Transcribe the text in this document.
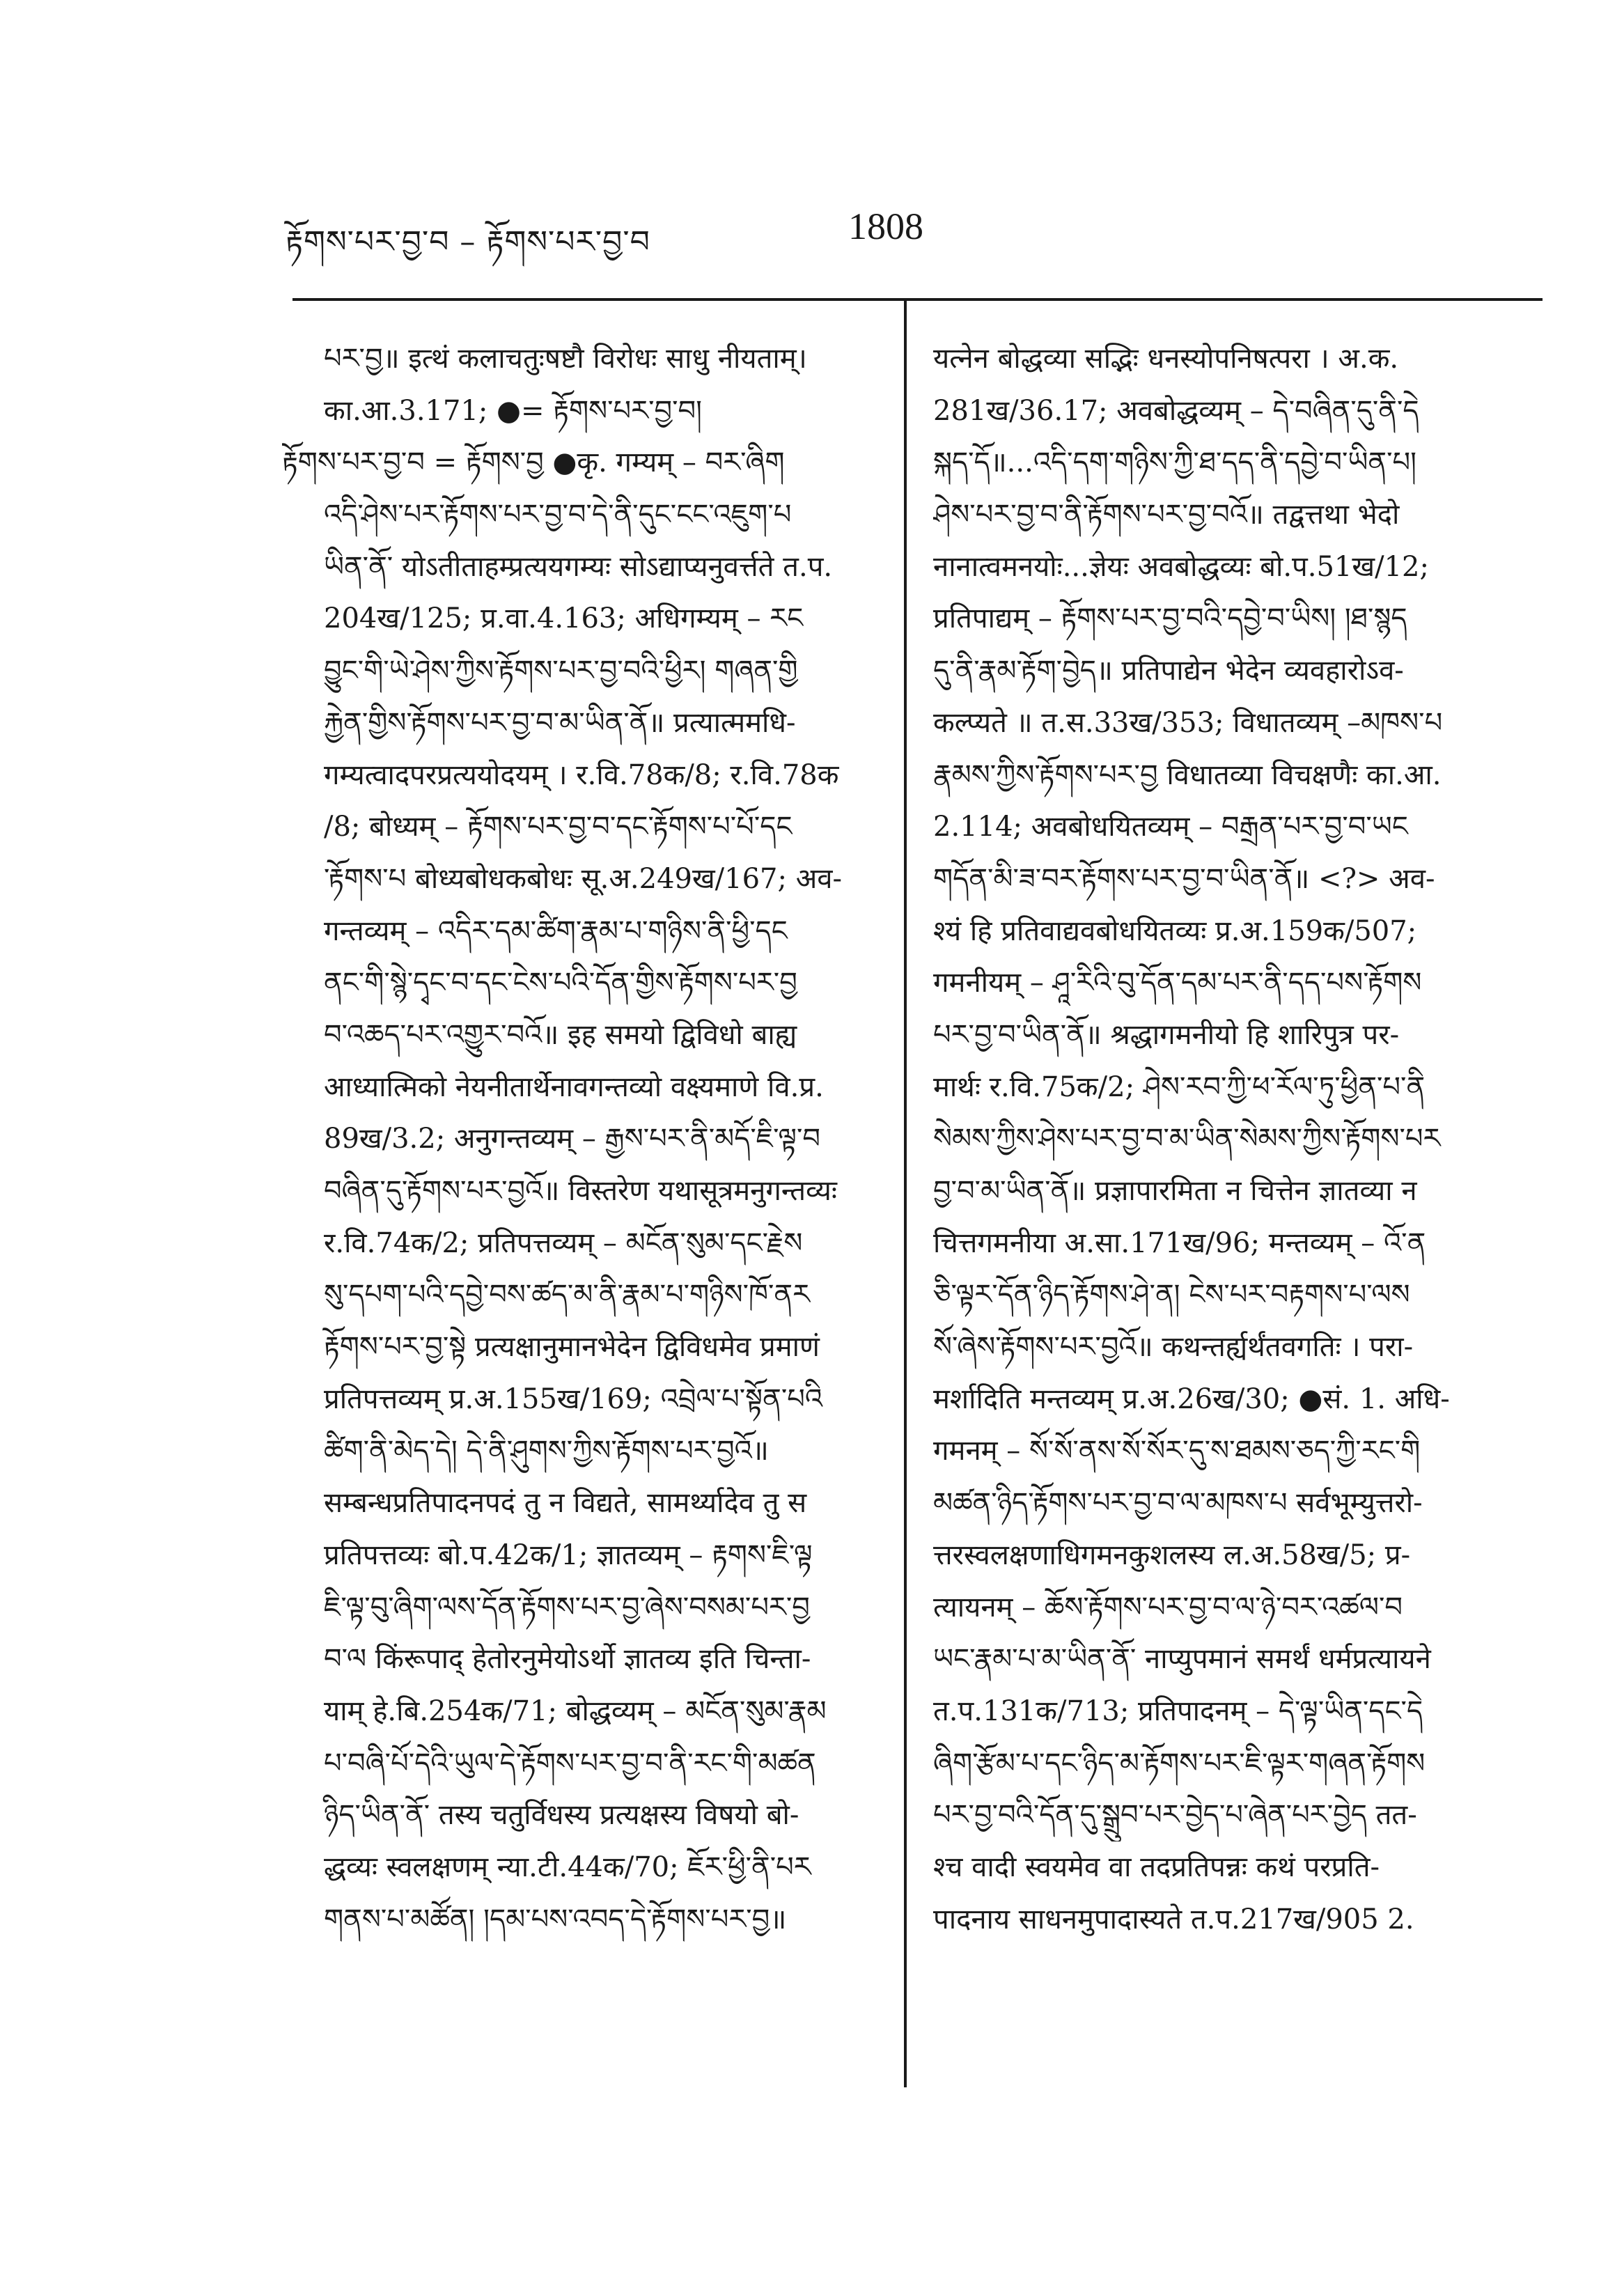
རྟོགས་པར་བྱ་བ – རྟོགས་པར་བྱ་བ	1808
པར་བྱ॥ इत्थं कलाचतुःषष्टौ विरोधः साधु नीयताम्।
का.आ.3.171; ●= རྟོགས་པར་བྱ་བ།
རྟོགས་པར་བྱ་བ = རྟོགས་བྱ ●कृ. गम्यम् – བར་ཞིག
འདི་ཤེས་པར་རྟོགས་པར་བྱ་བ་དེ་ནི་དུང་ངང་འཇུག་པ
ཡིན་ནོ་ योऽतीताहम्प्रत्ययगम्यः सोऽद्याप्यनुवर्त्तते त.प.
204ख/125; प्र.वा.4.163; अधिगम्यम् – རང
བྱུང་གི་ཡེ་ཤེས་ཀྱིས་རྟོགས་པར་བྱ་བའི་ཕྱིར། གཞན་གྱི
རྐྱེན་གྱིས་རྟོགས་པར་བྱ་བ་མ་ཡིན་ནོ॥ प्रत्यात्ममधि-
गम्यत्वादपरप्रत्ययोदयम् । र.वि.78क/8; र.वि.78क
/8; बोध्यम् – རྟོགས་པར་བྱ་བ་དང་རྟོགས་པ་པོ་དང
་རྟོགས་པ बोध्यबोधकबोधः सू.अ.249ख/167; अव-
गन्तव्यम् – འདིར་དམ་ཚིག་རྣམ་པ་གཉིས་ནི་ཕྱི་དང
ནང་གི་སྙེ་དྭང་བ་དང་ངེས་པའི་དོན་གྱིས་རྟོགས་པར་བྱ
བ་འཆད་པར་འགྱུར་བའོ॥ इह समयो द्विविधो बाह्य
आध्यात्मिको नेयनीतार्थेनावगन्तव्यो वक्ष्यमाणे वि.प्र.
89ख/3.2; अनुगन्तव्यम् – རྒྱས་པར་ནི་མདོ་ཇི་ལྟ་བ
བཞིན་དུ་རྟོགས་པར་བྱའོ॥ विस्तरेण यथासूत्रमनुगन्तव्यः
र.वि.74क/2; प्रतिपत्तव्यम् – མངོན་སུམ་དང་རྗེས
སུ་དཔག་པའི་དབྱེ་བས་ཚད་མ་ནི་རྣམ་པ་གཉིས་ཁོ་ནར
རྟོགས་པར་བྱ་སྟེ प्रत्यक्षानुमानभेदेन द्विविधमेव प्रमाणं
प्रतिपत्तव्यम् प्र.अ.155ख/169; འབྲེལ་པ་སྟོན་པའི
ཚིག་ནི་མེད་དེ། དེ་ནི་ཤུགས་ཀྱིས་རྟོགས་པར་བྱའོ॥
सम्बन्धप्रतिपादनपदं तु न विद्यते, सामर्थ्यादेव तु स
प्रतिपत्तव्यः बो.प.42क/1; ज्ञातव्यम् – རྟགས་ཇི་ལྟ
ཇི་ལྟ་བུ་ཞིག་ལས་དོན་རྟོགས་པར་བྱ་ཞེས་བསམ་པར་བྱ
བ་ལ किंरूपाद् हेतोरनुमेयोऽर्थो ज्ञातव्य इति चिन्ता-
याम् हे.बि.254क/71; बोद्धव्यम् – མངོན་སུམ་རྣམ
པ་བཞི་པོ་དེའི་ཡུལ་དེ་རྟོགས་པར་བྱ་བ་ནི་རང་གི་མཚན
ཉིད་ཡིན་ནོ་ तस्य चतुर्विधस्य प्रत्यक्षस्य विषयो बो-
द्धव्यः स्वलक्षणम् न्या.टी.44क/70; ཇོར་ཕྱི་ནི་པར
གནས་པ་མཚོན། །དམ་པས་འབད་དེ་རྟོགས་པར་བྱ॥
यत्नेन बोद्धव्या सद्भिः धनस्योपनिषत्परा । अ.क.
281ख/36.17; अवबोद्धव्यम् – དེ་བཞིན་དུ་ནི་དེ
སྐད་དོ॥...འདི་དག་གཉིས་ཀྱི་ཐ་དད་ནི་དབྱེ་བ་ཡིན་པ།
ཤེས་པར་བྱ་བ་ནི་རྟོགས་པར་བྱ་བའོ॥ तद्वत्तथा भेदो
नानात्वमनयोः...ज्ञेयः अवबोद्धव्यः बो.प.51ख/12;
प्रतिपाद्यम् – རྟོགས་པར་བྱ་བའི་དབྱེ་བ་ཡིས། །ཐ་སྙད
དུ་ནི་རྣམ་རྟོག་བྱེད॥ प्रतिपाद्येन भेदेन व्यवहारोऽव-
कल्प्यते ॥ त.स.33ख/353; विधातव्यम् –མཁས་པ
རྣམས་ཀྱིས་རྟོགས་པར་བྱ विधातव्या विचक्षणैः का.आ.
2.114; अवबोधयितव्यम् – བརྒྲན་པར་བྱ་བ་ཡང
གདོན་མི་ཟ་བར་རྟོགས་པར་བྱ་བ་ཡིན་ནོ॥ <?> अव-
श्यं हि प्रतिवाद्यवबोधयितव्यः प्र.अ.159क/507;
गमनीयम् – ཤཱ་རིའི་བུ་དོན་དམ་པར་ནི་དད་པས་རྟོགས
པར་བྱ་བ་ཡིན་ནོ॥ श्रद्धागमनीयो हि शारिपुत्र पर-
मार्थः र.वि.75क/2; ཤེས་རབ་ཀྱི་ཕ་རོལ་ཏུ་ཕྱིན་པ་ནི
སེམས་ཀྱིས་ཤེས་པར་བྱ་བ་མ་ཡིན་སེམས་ཀྱིས་རྟོགས་པར
བྱ་བ་མ་ཡིན་ནོ॥ प्रज्ञापारमिता न चित्तेन ज्ञातव्या न
चित्तगमनीया अ.सा.171ख/96; मन्तव्यम् – འོ་ན
ཅི་ལྟར་དོན་ཉིད་རྟོགས་ཤེ་ན། ངེས་པར་བརྟགས་པ་ལས
སོ་ཞེས་རྟོགས་པར་བྱའོ॥ कथन्तर्ह्यर्थंतवगतिः । परा-
मर्शादिति मन्तव्यम् प्र.अ.26ख/30; ●सं. 1. अधि-
गमनम् – སོ་སོ་ནས་སོ་སོར་དུ་ས་ཐམས་ཅད་ཀྱི་རང་གི
མཚན་ཉིད་རྟོགས་པར་བྱ་བ་ལ་མཁས་པ सर्वभूम्युत्तरो-
त्तरस्वलक्षणाधिगमनकुशलस्य ल.अ.58ख/5; प्र-
त्यायनम् – ཆོས་རྟོགས་པར་བྱ་བ་ལ་ཉེ་བར་འཚལ་བ
ཡང་རྣམ་པ་མ་ཡིན་ནོ་ नाप्युपमानं समर्थं धर्मप्रत्यायने
त.प.131क/713; प्रतिपादनम् – དེ་ལྟ་ཡིན་དང་དེ
ཞིག་རྩོམ་པ་དང་ཉིད་མ་རྟོགས་པར་ཇི་ལྟར་གཞན་རྟོགས
པར་བྱ་བའི་དོན་དུ་སྒྲུབ་པར་བྱེད་པ་ཞེན་པར་བྱེད तत-
श्च वादी स्वयमेव वा तदप्रतिपन्नः कथं परप्रति-
पादनाय साधनमुपादास्यते त.प.217ख/905 2.
